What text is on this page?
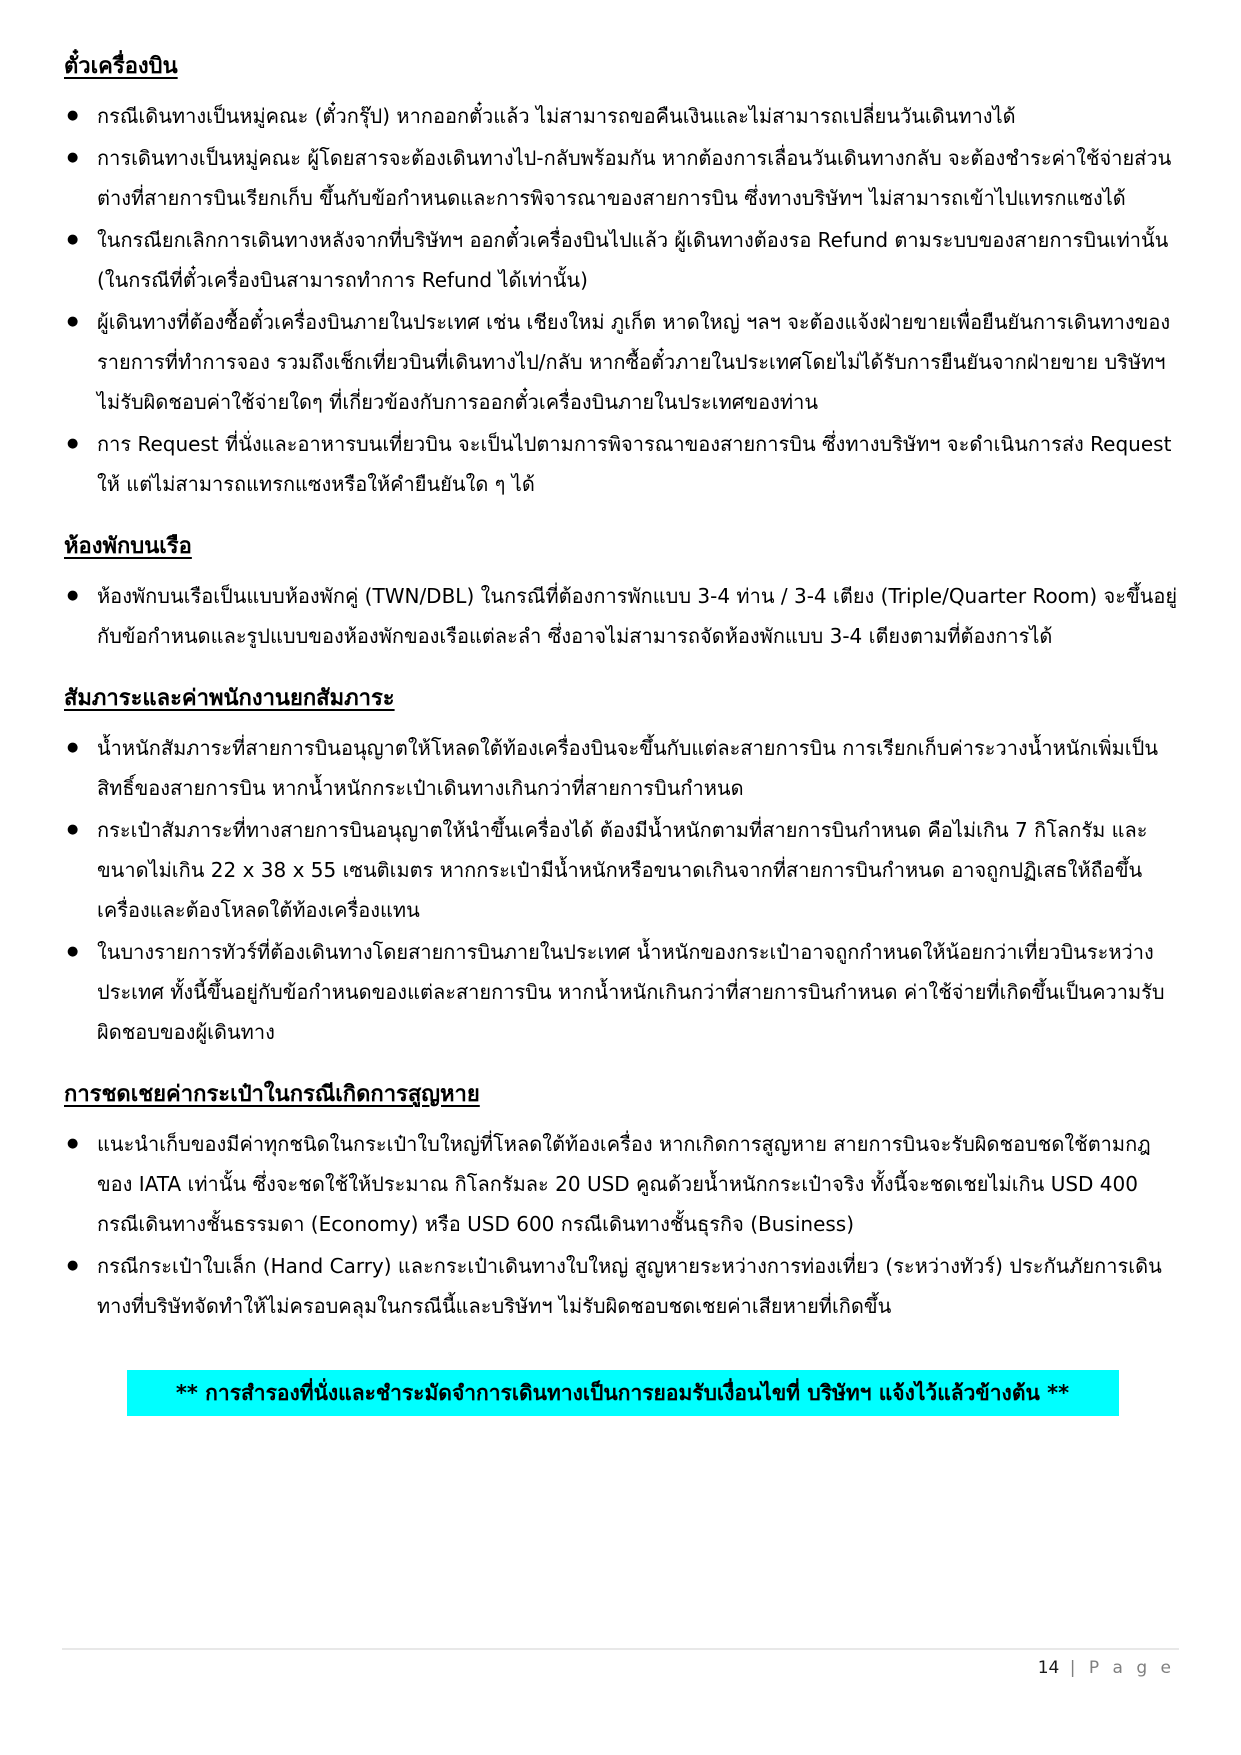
ตั๋วเครื่องบิน
● กรณีเดินทางเป็นหมู่คณะ (ตั๋วกรุ๊ป) หากออกตั๋วแล้ว ไม่สามารถขอคืนเงินและไม่สามารถเปลี่ยนวันเดินทางได้
● การเดินทางเป็นหมู่คณะ ผู้โดยสารจะต้องเดินทางไป-กลับพร้อมกัน หากต้องการเลื่อนวันเดินทางกลับ จะต้องชำระค่าใช้จ่ายส่วนต่างที่สายการบินเรียกเก็บ ขึ้นกับข้อกำหนดและการพิจารณาของสายการบิน ซึ่งทางบริษัทฯ ไม่สามารถเข้าไปแทรกแซงได้
● ในกรณียกเลิกการเดินทางหลังจากที่บริษัทฯ ออกตั๋วเครื่องบินไปแล้ว ผู้เดินทางต้องรอ Refund ตามระบบของสายการบินเท่านั้น (ในกรณีที่ตั๋วเครื่องบินสามารถทำการ Refund ได้เท่านั้น)
● ผู้เดินทางที่ต้องซื้อตั๋วเครื่องบินภายในประเทศ เช่น เชียงใหม่ ภูเก็ต หาดใหญ่ ฯลฯ จะต้องแจ้งฝ่ายขายเพื่อยืนยันการเดินทางของรายการที่ทำการจอง รวมถึงเช็กเที่ยวบินที่เดินทางไป/กลับ หากซื้อตั๋วภายในประเทศโดยไม่ได้รับการยืนยันจากฝ่ายขาย บริษัทฯ ไม่รับผิดชอบค่าใช้จ่ายใดๆ ที่เกี่ยวข้องกับการออกตั๋วเครื่องบินภายในประเทศของท่าน
● การ Request ที่นั่งและอาหารบนเที่ยวบิน จะเป็นไปตามการพิจารณาของสายการบิน ซึ่งทางบริษัทฯ จะดำเนินการส่ง Request ให้ แต่ไม่สามารถแทรกแซงหรือให้คำยืนยันใด ๆ ได้
ห้องพักบนเรือ
● ห้องพักบนเรือเป็นแบบห้องพักคู่ (TWN/DBL) ในกรณีที่ต้องการพักแบบ 3-4 ท่าน / 3-4 เตียง (Triple/Quarter Room) จะขึ้นอยู่กับข้อกำหนดและรูปแบบของห้องพักของเรือแต่ละลำ ซึ่งอาจไม่สามารถจัดห้องพักแบบ 3-4 เตียงตามที่ต้องการได้
สัมภาระและค่าพนักงานยกสัมภาระ
● น้ำหนักสัมภาระที่สายการบินอนุญาตให้โหลดใต้ท้องเครื่องบินจะขึ้นกับแต่ละสายการบิน การเรียกเก็บค่าระวางน้ำหนักเพิ่มเป็นสิทธิ์ของสายการบิน หากน้ำหนักกระเป๋าเดินทางเกินกว่าที่สายการบินกำหนด
● กระเป๋าสัมภาระที่ทางสายการบินอนุญาตให้นำขึ้นเครื่องได้ ต้องมีน้ำหนักตามที่สายการบินกำหนด คือไม่เกิน 7 กิโลกรัม และขนาดไม่เกิน 22 x 38 x 55 เซนติเมตร หากกระเป๋ามีน้ำหนักหรือขนาดเกินจากที่สายการบินกำหนด อาจถูกปฏิเสธให้ถือขึ้นเครื่องและต้องโหลดใต้ท้องเครื่องแทน
● ในบางรายการทัวร์ที่ต้องเดินทางโดยสายการบินภายในประเทศ น้ำหนักของกระเป๋าอาจถูกกำหนดให้น้อยกว่าเที่ยวบินระหว่างประเทศ ทั้งนี้ขึ้นอยู่กับข้อกำหนดของแต่ละสายการบิน หากน้ำหนักเกินกว่าที่สายการบินกำหนด ค่าใช้จ่ายที่เกิดขึ้นเป็นความรับผิดชอบของผู้เดินทาง
การชดเชยค่ากระเป๋าในกรณีเกิดการสูญหาย
● แนะนำเก็บของมีค่าทุกชนิดในกระเป๋าใบใหญ่ที่โหลดใต้ท้องเครื่อง หากเกิดการสูญหาย สายการบินจะรับผิดชอบชดใช้ตามกฎของ IATA เท่านั้น ซึ่งจะชดใช้ให้ประมาณ กิโลกรัมละ 20 USD คูณด้วยน้ำหนักกระเป๋าจริง ทั้งนี้จะชดเชยไม่เกิน USD 400 กรณีเดินทางชั้นธรรมดา (Economy) หรือ USD 600 กรณีเดินทางชั้นธุรกิจ (Business)
● กรณีกระเป๋าใบเล็ก (Hand Carry) และกระเป๋าเดินทางใบใหญ่ สูญหายระหว่างการท่องเที่ยว (ระหว่างทัวร์) ประกันภัยการเดินทางที่บริษัทจัดทำให้ไม่ครอบคลุมในกรณีนี้และบริษัทฯ ไม่รับผิดชอบชดเชยค่าเสียหายที่เกิดขึ้น
** การสำรองที่นั่งและชำระมัดจำการเดินทางเป็นการยอมรับเงื่อนไขที่ บริษัทฯ แจ้งไว้แล้วข้างต้น **
14 | P a g e
